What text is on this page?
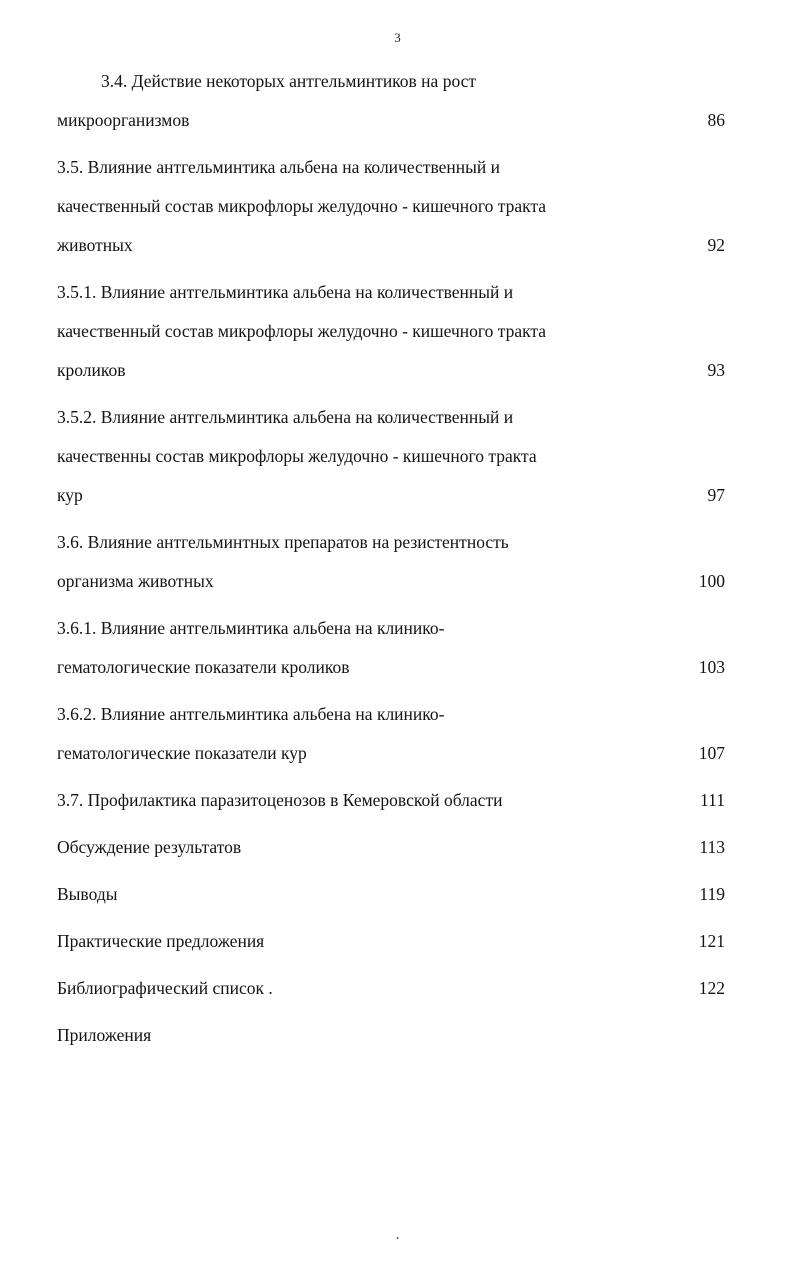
3
3.4. Действие некоторых антгельминтиков на рост
86
микроорганизмов
3.5. Влияние антгельминтика альбена на количественный и
качественный состав микрофлоры желудочно - кишечного тракта
92
животных
3.5.1. Влияние антгельминтика альбена на количественный и
качественный состав микрофлоры желудочно - кишечного тракта
93
кроликов
3.5.2. Влияние антгельминтика альбена на количественный и
качественны состав микрофлоры желудочно - кишечного тракта
97
кур
3.6. Влияние антгельминтных препаратов на резистентность
100
организма животных
3.6.1. Влияние антгельминтика альбена на клинико-
103
гематологические показатели кроликов
3.6.2. Влияние антгельминтика альбена на клинико-
107
гематологические показатели кур
111
3.7. Профилактика паразитоценозов в Кемеровской области
113
Обсуждение результатов
119
Выводы
121
Практические предложения
122
Библиографический список .
Приложения
.
